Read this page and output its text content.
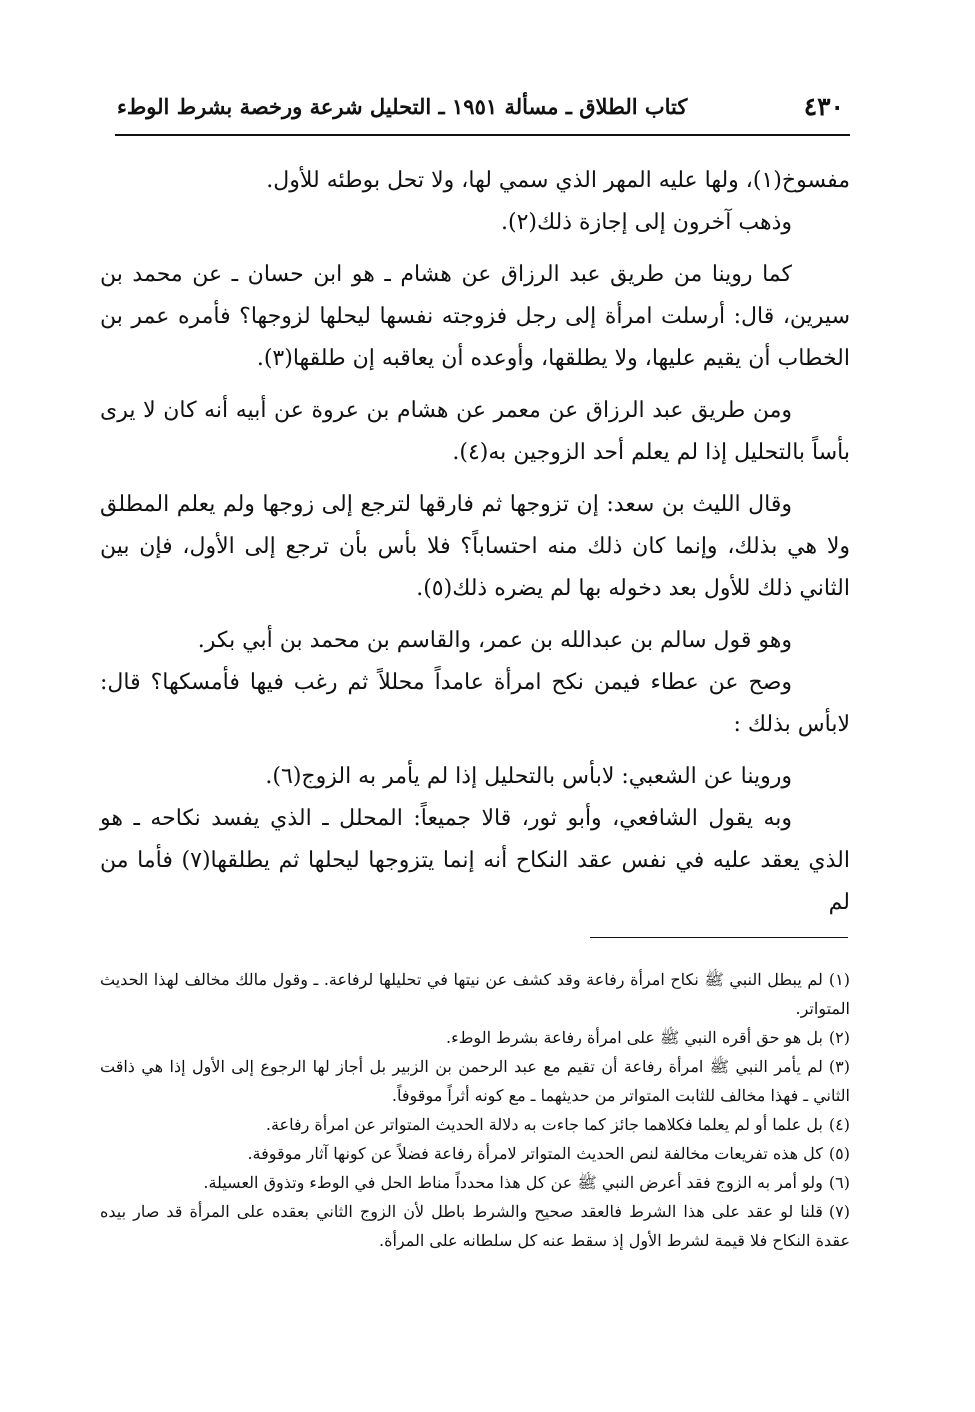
٤٣٠
كتاب الطلاق ـ مسألة ١٩٥١ ـ التحليل شرعة ورخصة بشرط الوطء

مفسوخ(١)، ولها عليه المهر الذي سمي لها، ولا تحل بوطئه للأول.

وذهب آخرون إلى إجازة ذلك(٢).

كما روينا من طريق عبد الرزاق عن هشام ـ هو ابن حسان ـ عن محمد بن سيرين، قال: أرسلت امرأة إلى رجل فزوجته نفسها ليحلها لزوجها؟ فأمره عمر بن الخطاب أن يقيم عليها، ولا يطلقها، وأوعده أن يعاقبه إن طلقها(٣).

ومن طريق عبد الرزاق عن معمر عن هشام بن عروة عن أبيه أنه كان لا يرى بأساً بالتحليل إذا لم يعلم أحد الزوجين به(٤).

وقال الليث بن سعد: إن تزوجها ثم فارقها لترجع إلى زوجها ولم يعلم المطلق ولا هي بذلك، وإنما كان ذلك منه احتساباً؟ فلا بأس بأن ترجع إلى الأول، فإن بين الثاني ذلك للأول بعد دخوله بها لم يضره ذلك(٥).

وهو قول سالم بن عبدالله بن عمر، والقاسم بن محمد بن أبي بكر.

وصح عن عطاء فيمن نكح امرأة عامداً محللاً ثم رغب فيها فأمسكها؟ قال: لابأس بذلك :

وروينا عن الشعبي: لابأس بالتحليل إذا لم يأمر به الزوج(٦).

وبه يقول الشافعي، وأبو ثور، قالا جميعاً: المحلل ـ الذي يفسد نكاحه ـ هو الذي يعقد عليه في نفس عقد النكاح أنه إنما يتزوجها ليحلها ثم يطلقها(٧) فأما من لم

(١)لم يبطل النبي ﷺ نكاح امرأة رفاعة وقد كشف عن نيتها في تحليلها لرفاعة. ـ وقول مالك مخالف لهذا الحديث المتواتر.

(٢)بل هو حق أقره النبي ﷺ على امرأة رفاعة بشرط الوطء.

(٣)لم يأمر النبي ﷺ امرأة رفاعة أن تقيم مع عبد الرحمن بن الزبير بل أجاز لها الرجوع إلى الأول إذا هي ذاقت الثاني ـ فهذا مخالف للثابت المتواتر من حديثهما ـ مع كونه أثراً موقوفاً.

(٤)بل علما أو لم يعلما فكلاهما جائز كما جاءت به دلالة الحديث المتواتر عن امرأة رفاعة.

(٥)كل هذه تفريعات مخالفة لنص الحديث المتواتر لامرأة رفاعة فضلاً عن كونها آثار موقوفة.

(٦)ولو أمر به الزوج فقد أعرض النبي ﷺ عن كل هذا محدداً مناط الحل في الوطء وتذوق العسيلة.

(٧)قلنا لو عقد على هذا الشرط فالعقد صحيح والشرط باطل لأن الزوج الثاني بعقده على المرأة قد صار بيده عقدة النكاح فلا قيمة لشرط الأول إذ سقط عنه كل سلطانه على المرأة.
